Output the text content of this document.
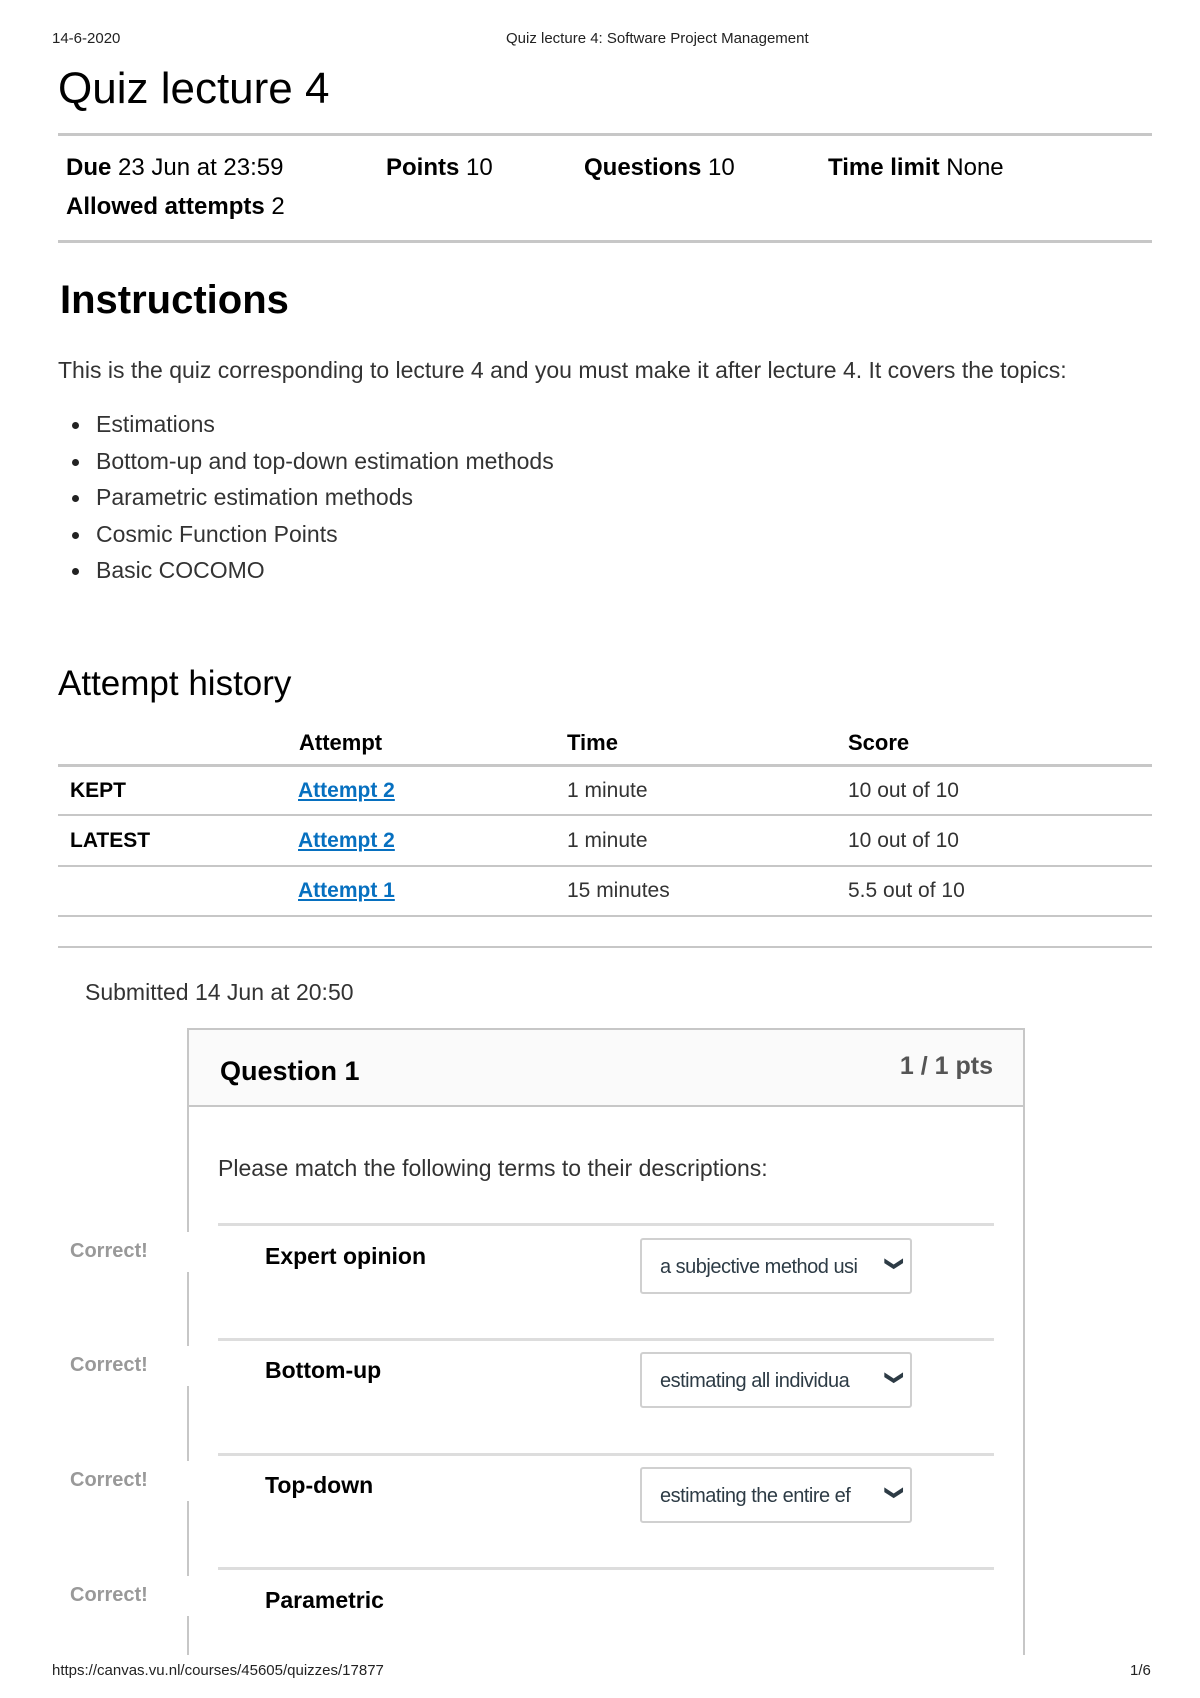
14-6-2020	Quiz lecture 4: Software Project Management
Quiz lecture 4
Due 23 Jun at 23:59	Points 10	Questions 10	Time limit None
Allowed attempts 2
Instructions
This is the quiz corresponding to lecture 4 and you must make it after lecture 4. It covers the topics:
Estimations
Bottom-up and top-down estimation methods
Parametric estimation methods
Cosmic Function Points
Basic COCOMO
Attempt history
Attempt	Time	Score
KEPT	Attempt 2	1 minute	10 out of 10
LATEST	Attempt 2	1 minute	10 out of 10
Attempt 1	15 minutes	5.5 out of 10
Submitted 14 Jun at 20:50
Question 1	1 / 1 pts
Please match the following terms to their descriptions:
Correct!	Expert opinion	a subjective method usi ❯
Correct!	Bottom-up	estimating all individua ❯
Correct!	Top-down	estimating the entire ef ❯
Correct!	Parametric
https://canvas.vu.nl/courses/45605/quizzes/17877	1/6
